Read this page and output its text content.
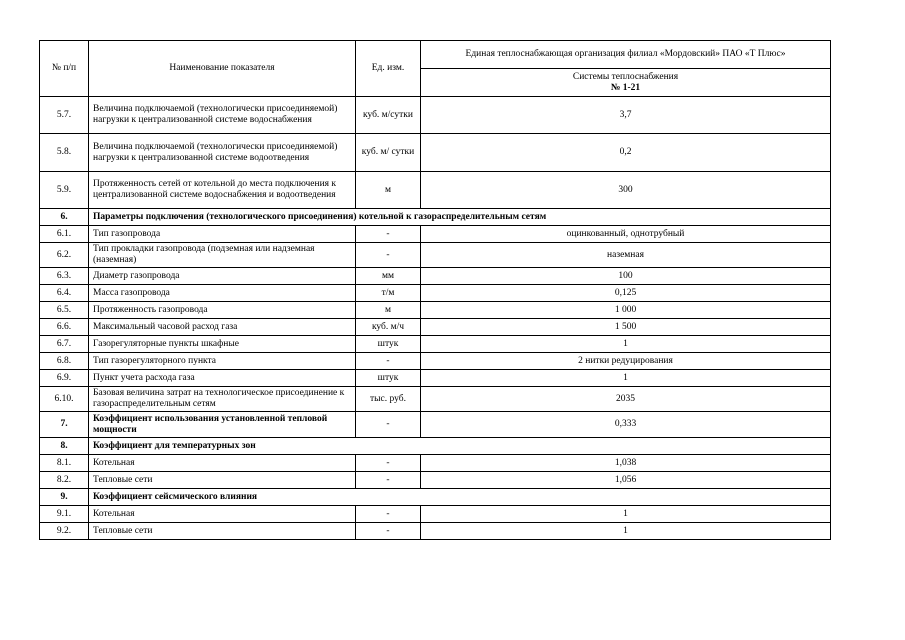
№ п/п	Наименование показателя	Ед. изм.	Единая теплоснабжающая организация филиал «Мордовский» ПАО «Т Плюс»

			Системы теплоснабжения
№ 1-21

5.7.	Величина подключаемой (технологически присоединяемой) нагрузки к централизованной системе водоснабжения	куб. м/сутки	3,7
5.8.	Величина подключаемой (технологически присоединяемой) нагрузки к централизованной системе водоотведения	куб. м/ сутки	0,2
5.9.	Протяженность сетей от котельной до места подключения к централизованной системе водоснабжения и водоотведения	м	300
6.	Параметры подключения (технологического присоединения) котельной к газораспределительным сетям		
6.1.	Тип газопровода	-	оцинкованный, однотрубный
6.2.	Тип прокладки газопровода (подземная или надземная (наземная)	-	наземная
6.3.	Диаметр газопровода	мм	100
6.4.	Масса газопровода	т/м	0,125
6.5.	Протяженность газопровода	м	1 000
6.6.	Максимальный часовой расход газа	куб. м/ч	1 500
6.7.	Газорегуляторные пункты шкафные	штук	1
6.8.	Тип газорегуляторного пункта	-	2 нитки редуцирования
6.9.	Пункт учета расхода газа	штук	1
6.10.	Базовая величина затрат на технологическое присоединение к газораспределительным сетям	тыс. руб.	2035
7.	Коэффициент использования установленной тепловой мощности	-	0,333
8.	Коэффициент для температурных зон		
8.1.	Котельная	-	1,038
8.2.	Тепловые сети	-	1,056
9.	Коэффициент сейсмического влияния		
9.1.	Котельная	-	1
9.2.	Тепловые сети	-	1
